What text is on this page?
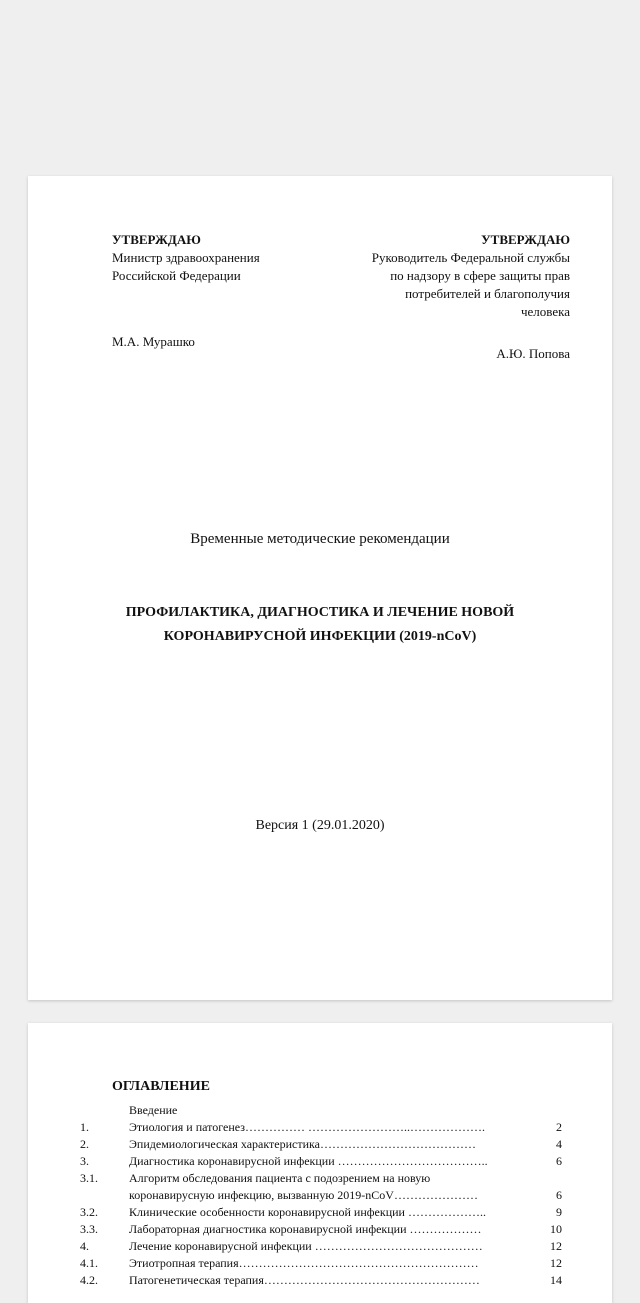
УТВЕРЖДАЮ
Министр здравоохранения
Российской Федерации
М.А. Мурашко
УТВЕРЖДАЮ
Руководитель Федеральной службы
по надзору в сфере защиты прав
потребителей и благополучия
человека
А.Ю. Попова
Временные методические рекомендации
ПРОФИЛАКТИКА, ДИАГНОСТИКА И ЛЕЧЕНИЕ НОВОЙ
КОРОНАВИРУСНОЙ ИНФЕКЦИИ (2019-nCoV)
Версия 1 (29.01.2020)
ОГЛАВЛЕНИЕ
Введение
1.	Этиология и патогенез…………… ……………………..……………….	2
2.	Эпидемиологическая характеристика…………………………………	4
3.	Диагностика коронавирусной инфекции ………………………………..	6
3.1.	Алгоритм обследования пациента с подозрением на новую
коронавирусную инфекцию, вызванную 2019-nCoV…………………	6
3.2.	Клинические особенности коронавирусной инфекции ………………..	9
3.3.	Лабораторная диагностика коронавирусной инфекции ………………	10
4.	Лечение коронавирусной инфекции ……………………………………	12
4.1.	Этиотропная терапия……………………………………………………	12
4.2.	Патогенетическая терапия………………………………………………	14
